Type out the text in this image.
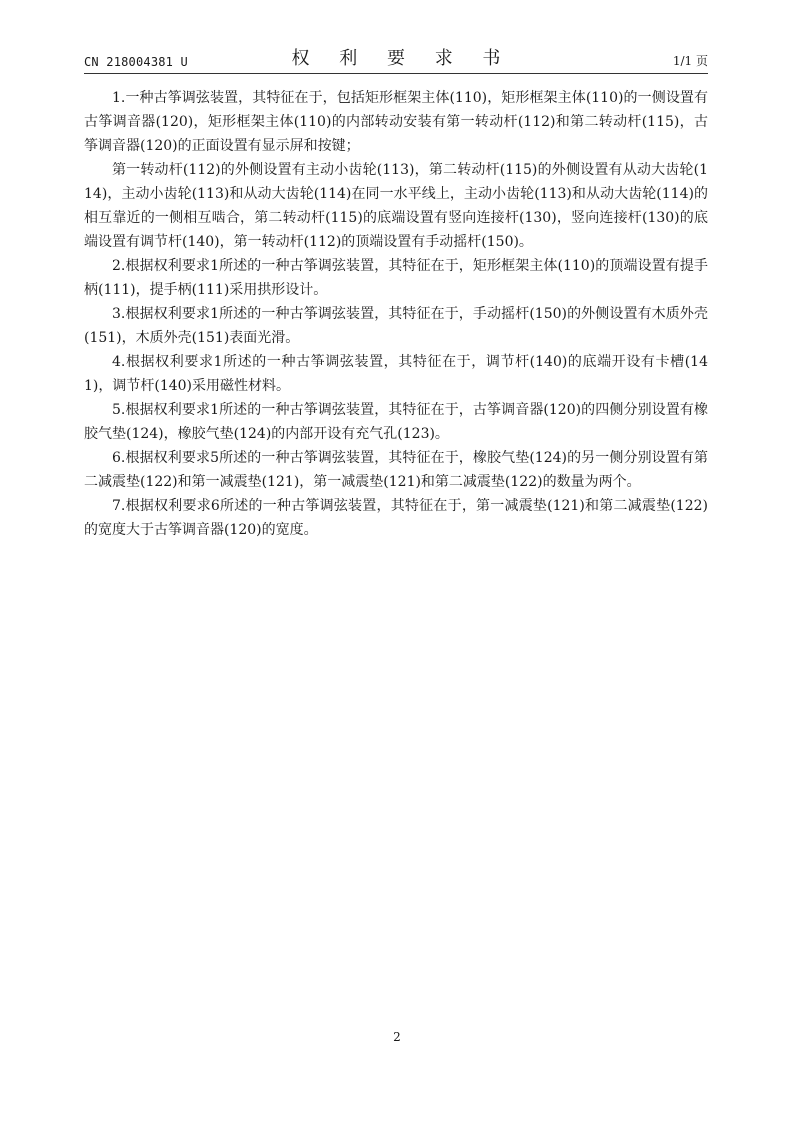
CN 218004381 U	权 利 要 求 书	1/1 页

1.一种古筝调弦装置，其特征在于，包括矩形框架主体(110)，矩形框架主体(110)的一侧设置有古筝调音器(120)，矩形框架主体(110)的内部转动安装有第一转动杆(112)和第二转动杆(115)，古筝调音器(120)的正面设置有显示屏和按键；

第一转动杆(112)的外侧设置有主动小齿轮(113)，第二转动杆(115)的外侧设置有从动大齿轮(114)，主动小齿轮(113)和从动大齿轮(114)在同一水平线上，主动小齿轮(113)和从动大齿轮(114)的相互靠近的一侧相互啮合，第二转动杆(115)的底端设置有竖向连接杆(130)，竖向连接杆(130)的底端设置有调节杆(140)，第一转动杆(112)的顶端设置有手动摇杆(150)。

2.根据权利要求1所述的一种古筝调弦装置，其特征在于，矩形框架主体(110)的顶端设置有提手柄(111)，提手柄(111)采用拱形设计。

3.根据权利要求1所述的一种古筝调弦装置，其特征在于，手动摇杆(150)的外侧设置有木质外壳(151)，木质外壳(151)表面光滑。

4.根据权利要求1所述的一种古筝调弦装置，其特征在于，调节杆(140)的底端开设有卡槽(141)，调节杆(140)采用磁性材料。

5.根据权利要求1所述的一种古筝调弦装置，其特征在于，古筝调音器(120)的四侧分别设置有橡胶气垫(124)，橡胶气垫(124)的内部开设有充气孔(123)。

6.根据权利要求5所述的一种古筝调弦装置，其特征在于，橡胶气垫(124)的另一侧分别设置有第二减震垫(122)和第一减震垫(121)，第一减震垫(121)和第二减震垫(122)的数量为两个。

7.根据权利要求6所述的一种古筝调弦装置，其特征在于，第一减震垫(121)和第二减震垫(122)的宽度大于古筝调音器(120)的宽度。

2
